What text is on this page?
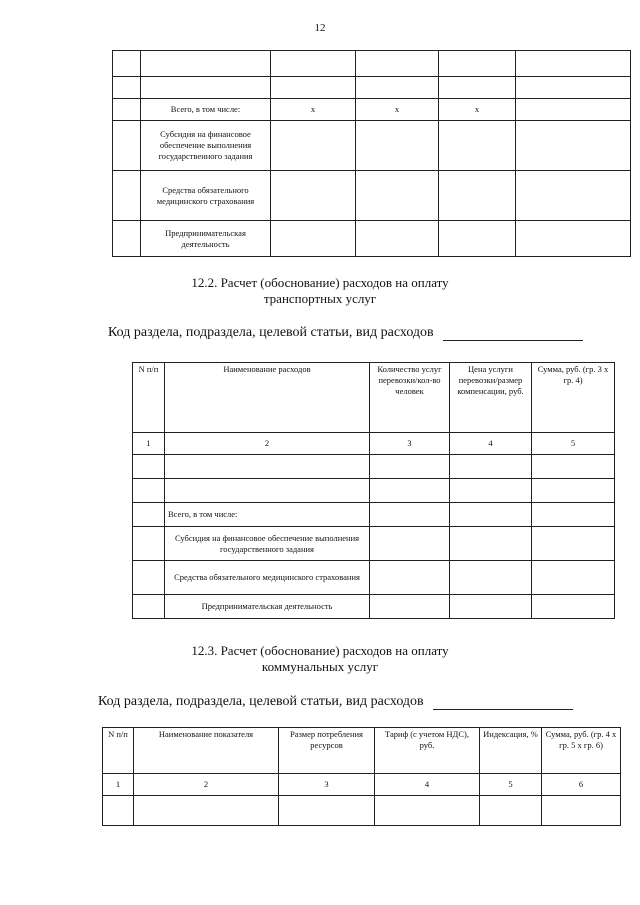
12

	Всего, в том числе:	х	х	х	
	Субсидия на финансовое обеспечение выполнения государственного задания				
	Средства обязательного медицинского страхования				
	Предпринимательская деятельность				
12.2. Расчет (обоснование) расходов на оплату
транспортных услуг
Код раздела, подраздела, целевой статьи, вид расходов
N п/п	Наименование расходов	Количество услуг перевозки/кол-во человек	Цена услуги перевозки/размер компенсации, руб.	Сумма, руб. (гр. 3 x гр. 4)
1	2	3	4	5

	Всего, в том числе:			
	Субсидия на финансовое обеспечение выполнения государственного задания			
	Средства обязательного медицинского страхования			
	Предпринимательская деятельность			
12.3. Расчет (обоснование) расходов на оплату
коммунальных услуг
Код раздела, подраздела, целевой статьи, вид расходов
N п/п	Наименование показателя	Размер потребления ресурсов	Тариф (с учетом НДС), руб.	Индексация, %	Сумма, руб. (гр. 4 x гр. 5 x гр. 6)
1	2	3	4	5	6
